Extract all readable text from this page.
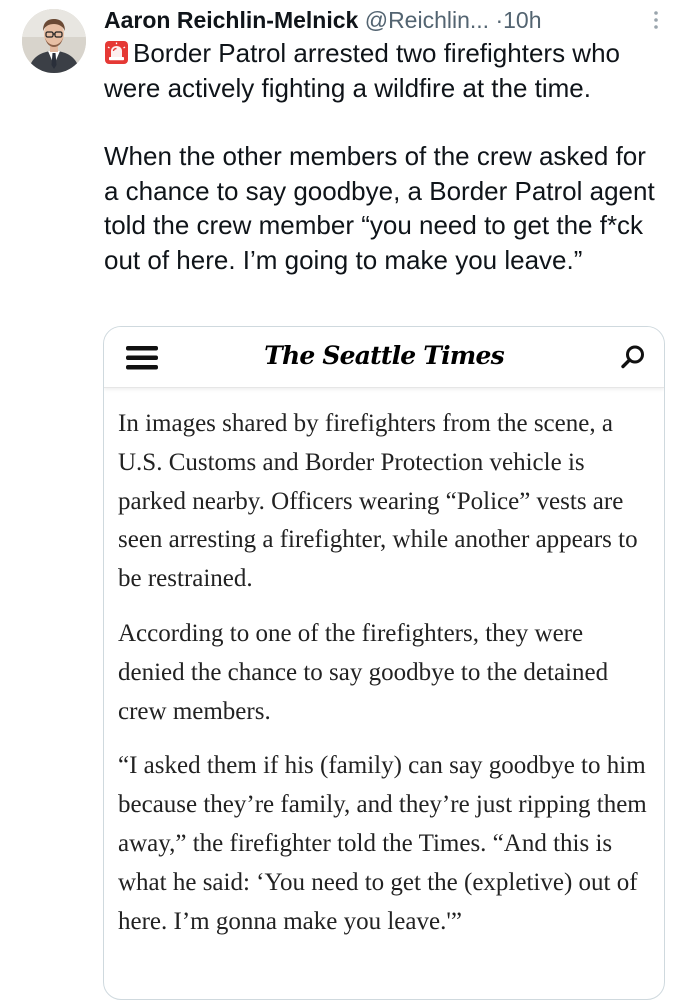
Aaron Reichlin-Melnick @Reichlin... ·10h

Border Patrol arrested two firefighters who were actively fighting a wildfire at the time.

When the other members of the crew asked for a chance to say goodbye, a Border Patrol agent told the crew member “you need to get the f*ck out of here. I’m going to make you leave.”

The Seattle Times

In images shared by firefighters from the scene, a U.S. Customs and Border Protection vehicle is parked nearby. Officers wearing “Police” vests are seen arresting a firefighter, while another appears to be restrained.

According to one of the firefighters, they were denied the chance to say goodbye to the detained crew members.

“I asked them if his (family) can say goodbye to him because they’re family, and they’re just ripping them away,” the firefighter told the Times. “And this is what he said: ‘You need to get the (expletive) out of here. I’m gonna make you leave.'”
